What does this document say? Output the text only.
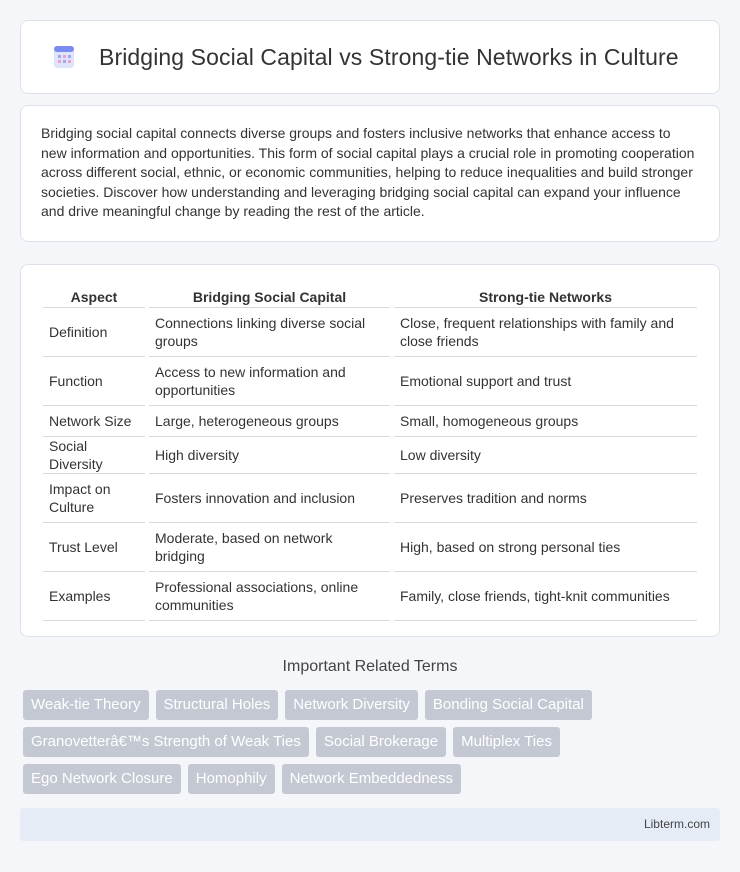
Bridging Social Capital vs Strong-tie Networks in Culture

Bridging social capital connects diverse groups and fosters inclusive networks that enhance access to new information and opportunities. This form of social capital plays a crucial role in promoting cooperation across different social, ethnic, or economic communities, helping to reduce inequalities and build stronger societies. Discover how understanding and leveraging bridging social capital can expand your influence and drive meaningful change by reading the rest of the article.

Aspect	Bridging Social Capital	Strong-tie Networks
Definition	Connections linking diverse social groups	Close, frequent relationships with family and close friends
Function	Access to new information and opportunities	Emotional support and trust
Network Size	Large, heterogeneous groups	Small, homogeneous groups
Social Diversity	High diversity	Low diversity
Impact on Culture	Fosters innovation and inclusion	Preserves tradition and norms
Trust Level	Moderate, based on network bridging	High, based on strong personal ties
Examples	Professional associations, online communities	Family, close friends, tight-knit communities
Important Related Terms
Weak-tie Theory	Structural Holes	Network Diversity	Bonding Social Capital
Granovetterâ€™s Strength of Weak Ties	Social Brokerage	Multiplex Ties
Ego Network Closure	Homophily	Network Embeddedness
Libterm.com
